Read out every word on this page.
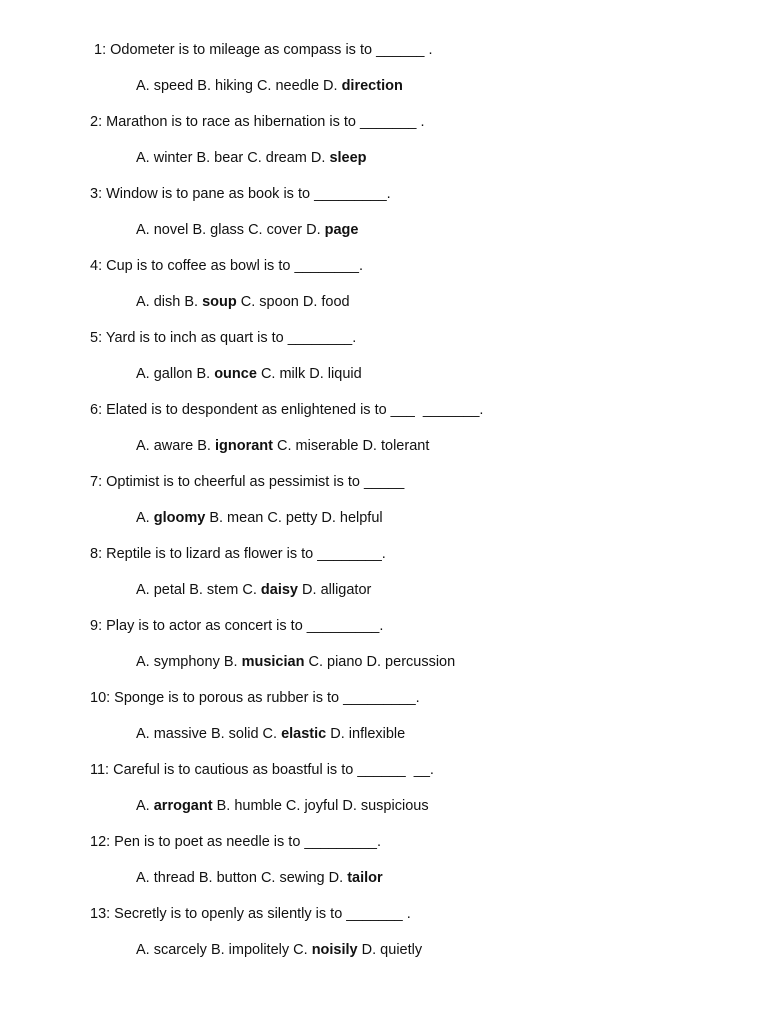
1: Odometer is to mileage as compass is to ______ .
A. speed B. hiking C. needle D. direction
2: Marathon is to race as hibernation is to _______ .
A. winter B. bear C. dream D. sleep
3: Window is to pane as book is to _________.
A. novel B. glass C. cover D. page
4: Cup is to coffee as bowl is to ________.
A. dish B. soup C. spoon D. food
5: Yard is to inch as quart is to ________.
A. gallon B. ounce C. milk D. liquid
6: Elated is to despondent as enlightened is to ___  _______.
A. aware B. ignorant C. miserable D. tolerant
7: Optimist is to cheerful as pessimist is to _____
A. gloomy B. mean C. petty D. helpful
8: Reptile is to lizard as flower is to ________.
A. petal B. stem C. daisy D. alligator
9: Play is to actor as concert is to _________.
A. symphony B. musician C. piano D. percussion
10: Sponge is to porous as rubber is to _________.
A. massive B. solid C. elastic D. inflexible
11: Careful is to cautious as boastful is to ______  __.
A. arrogant B. humble C. joyful D. suspicious
12: Pen is to poet as needle is to _________.
A. thread B. button C. sewing D. tailor
13: Secretly is to openly as silently is to _______ .
A. scarcely B. impolitely C. noisily D. quietly
